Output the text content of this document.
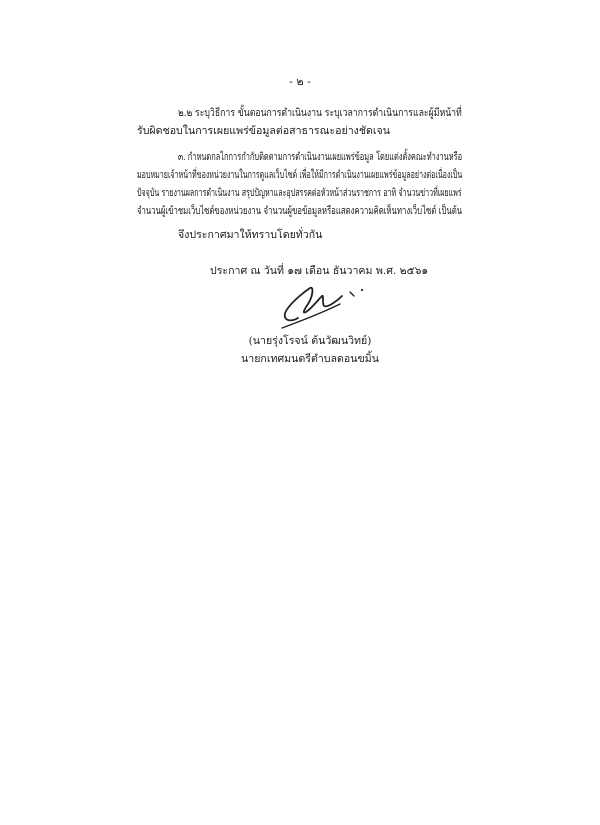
- ๒ -
๒.๒ ระบุวิธีการ ขั้นตอนการดำเนินงาน ระบุเวลาการดำเนินการและผู้มีหน้าที่
รับผิดชอบในการเผยแพร่ข้อมูลต่อสาธารณะอย่างชัดเจน
๓. กำหนดกลไกการกำกับติดตามการดำเนินงานเผยแพร่ข้อมูล โดยแต่งตั้งคณะทำงานหรือ
มอบหมายเจ้าหน้าที่ของหน่วยงานในการดูแลเว็บไซต์ เพื่อให้มีการดำเนินงานเผยแพร่ข้อมูลอย่างต่อเนื่องเป็น
ปัจจุบัน รายงานผลการดำเนินงาน สรุปปัญหาและอุปสรรคต่อหัวหน้าส่วนราชการ อาทิ จำนวนข่าวที่เผยแพร่
จำนวนผู้เข้าชมเว็บไซต์ของหน่วยงาน จำนวนผู้ขอข้อมูลหรือแสดงความคิดเห็นทางเว็บไซต์ เป็นต้น
จึงประกาศมาให้ทราบโดยทั่วกัน
ประกาศ ณ วันที่ ๑๗ เดือน ธันวาคม พ.ศ. ๒๕๖๑
(นายรุ่งโรจน์ ต้นวัฒนวิทย์)
นายกเทศมนตรีตำบลดอนขมิ้น
